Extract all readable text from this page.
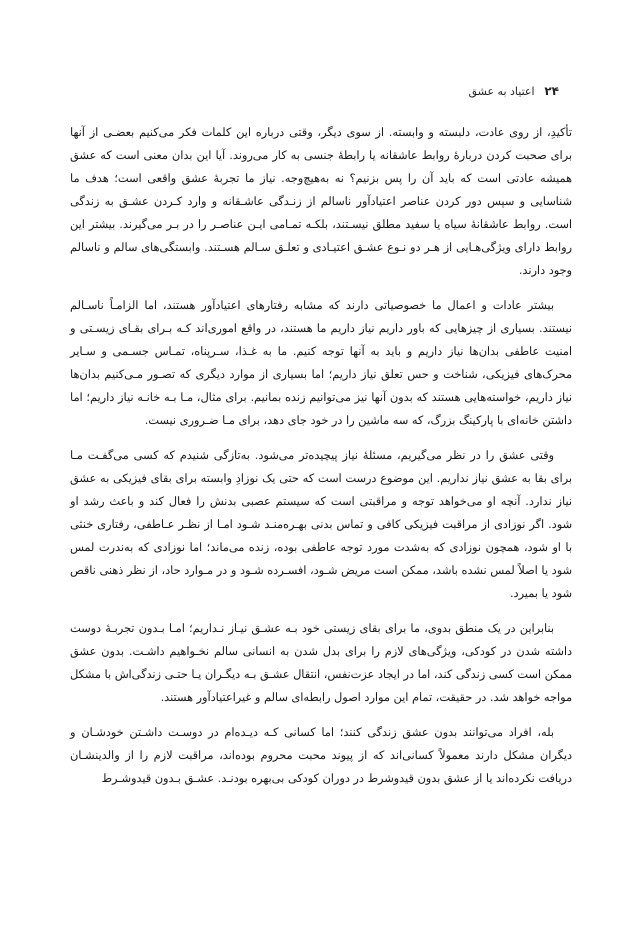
۲۴ اعتیاد به عشق

تأکیدِ، از روی عادت، دلبسته و وابسته. از سوی دیگر، وقتی درباره این کلمات فکر می‌کنیم بعضـی از آنها برای صحبت کردن دربارهٔ روابط عاشقانه یا رابطهٔ جنسی به کار می‌روند. آیا این بدان معنی است که عشق همیشه عادتی است که باید آن را پس بزنیم؟ نه به‌هیچ‌وجه. نیاز ما تجربهٔ عشق واقعی است؛ هدف ما شناسایی و سپس دور کردن عناصر اعتیادآور ناسالم از زنـدگی عاشـقانه و وارد کـردن عشـق به زندگی است. روابط عاشقانهٔ سیاه یا سفید مطلق نیسـتند، بلکـه تمـامی ایـن عناصـر را در بـر می‌گیرند. بیشتر این روابط دارای ویژگی‌هـایی از هـر دو نـوع عشـق اعتیـادی و تعلـق سـالم هسـتند. وابستگی‌های سالم و ناسالم وجود دارند.

بیشتر عادات و اعمال ما خصوصیاتی دارند که مشابه رفتارهای اعتیادآور هستند، اما الزامـاً ناسـالم نیستند. بسیاری از چیزهایی که باور داریم نیاز داریم ما هستند، در واقع اموری‌اند کـه بـرای بقـای زیسـتی و امنیت عاطفی بدان‌ها نیاز داریم و باید به آنها توجه کنیم. ما به غـذا، سـرپناه، تمـاس جسـمی و سـایر محرک‌های فیزیکی، شناخت و حس تعلق نیاز داریم؛ اما بسیاری از موارد دیگری که تصـور مـی‌کنیم بدان‌ها نیاز داریم، خواسته‌هایی هستند که بدون آنها نیز می‌توانیم زنده بمانیم. برای مثال، مـا بـه خانـه نیاز داریم؛ اما داشتن خانه‌ای با پارکینگ بزرگ، که سه ماشین را در خود جای دهد، برای مـا ضـروری نیست.

وقتی عشق را در نظر می‌گیریم، مسئلهٔ نیاز پیچیده‌تر می‌شود. به‌تازگی شنیدم که کسی می‌گفـت مـا برای بقا به عشق نیاز نداریم. این موضوع درست است که حتی یک نوزادِ وابسته برای بقای فیزیکی به عشق نیاز ندارد. آنچه او می‌خواهد توجه و مراقبتی است که سیستم عصبی بدنش را فعال کند و باعث رشد او شود. اگر نوزادی از مراقبت فیزیکی کافی و تماس بدنی بهـره‌منـد شـود امـا از نظـر عـاطفی، رفتاری خنثی با او شود، همچون نوزادی که به‌شدت مورد توجه عاطفی بوده، زنده می‌ماند؛ اما نوزادی که به‌ندرت لمس شود یا اصلاً لمس نشده باشد، ممکن است مریض شـود، افسـرده شـود و در مـوارد حاد، از نظر ذهنی ناقص شود یا بمیرد.

بنابراین در یک منطق بدوی، ما برای بقای زیستی خود بـه عشـق نیـاز نـداریم؛ امـا بـدون تجربـهٔ دوست داشته شدن در کودکی، ویژگی‌های لازم را برای بدل شدن به انسانی سالم نخـواهیم داشـت. بدون عشق ممکن است کسی زندگی کند، اما در ایجاد عزت‌نفس، انتقال عشـق بـه دیگـران یـا حتـی زندگی‌اش با مشکل مواجه خواهد شد. در حقیقت، تمام این موارد اصول رابطه‌ای سالم و غیراعتیادآور هستند.

بله، افراد می‌توانند بدون عشق زندگی کنند؛ اما کسانی کـه دیـده‌ام در دوسـت داشـتن خودشـان و دیگران مشکل دارند معمولاً کسانی‌اند که از پیوند محبت محروم بوده‌اند، مراقبت لازم را از والدینشـان دریافت نکرده‌اند یا از عشق بدون قیدوشرط در دوران کودکی بی‌بهره بودنـد. عشـق بـدون قیدوشـرط
